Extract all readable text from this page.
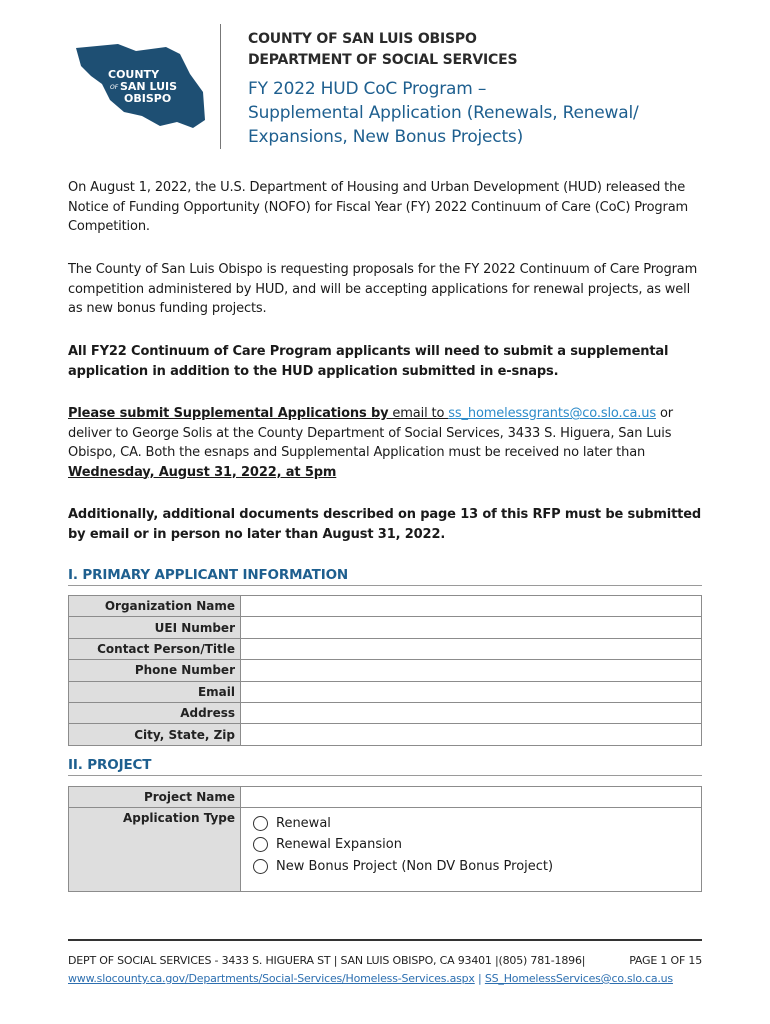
COUNTY
OF SAN LUIS
OBISPO
COUNTY OF SAN LUIS OBISPO
DEPARTMENT OF SOCIAL SERVICES
FY 2022 HUD CoC Program –
Supplemental Application (Renewals, Renewal/
Expansions, New Bonus Projects)
On August 1, 2022, the U.S. Department of Housing and Urban Development (HUD) released the Notice of Funding Opportunity (NOFO) for Fiscal Year (FY) 2022 Continuum of Care (CoC) Program Competition.
The County of San Luis Obispo is requesting proposals for the FY 2022 Continuum of Care Program competition administered by HUD, and will be accepting applications for renewal projects, as well as new bonus funding projects.
All FY22 Continuum of Care Program applicants will need to submit a supplemental application in addition to the HUD application submitted in e-snaps.
Please submit Supplemental Applications by email to ss_homelessgrants@co.slo.ca.us or deliver to George Solis at the County Department of Social Services, 3433 S. Higuera, San Luis Obispo, CA. Both the esnaps and Supplemental Application must be received no later than Wednesday, August 31, 2022, at 5pm
Additionally, additional documents described on page 13 of this RFP must be submitted by email or in person no later than August 31, 2022.
I. PRIMARY APPLICANT INFORMATION
Organization Name	
UEI Number	
Contact Person/Title	
Phone Number	
Email	
Address	
City, State, Zip	
II. PROJECT
Project Name	
Application Type	Renewal
Renewal Expansion
New Bonus Project (Non DV Bonus Project)
DEPT OF SOCIAL SERVICES - 3433 S. HIGUERA ST | SAN LUIS OBISPO, CA 93401 |(805) 781-1896|	PAGE 1 OF 15
www.slocounty.ca.gov/Departments/Social-Services/Homeless-Services.aspx | SS_HomelessServices@co.slo.ca.us
